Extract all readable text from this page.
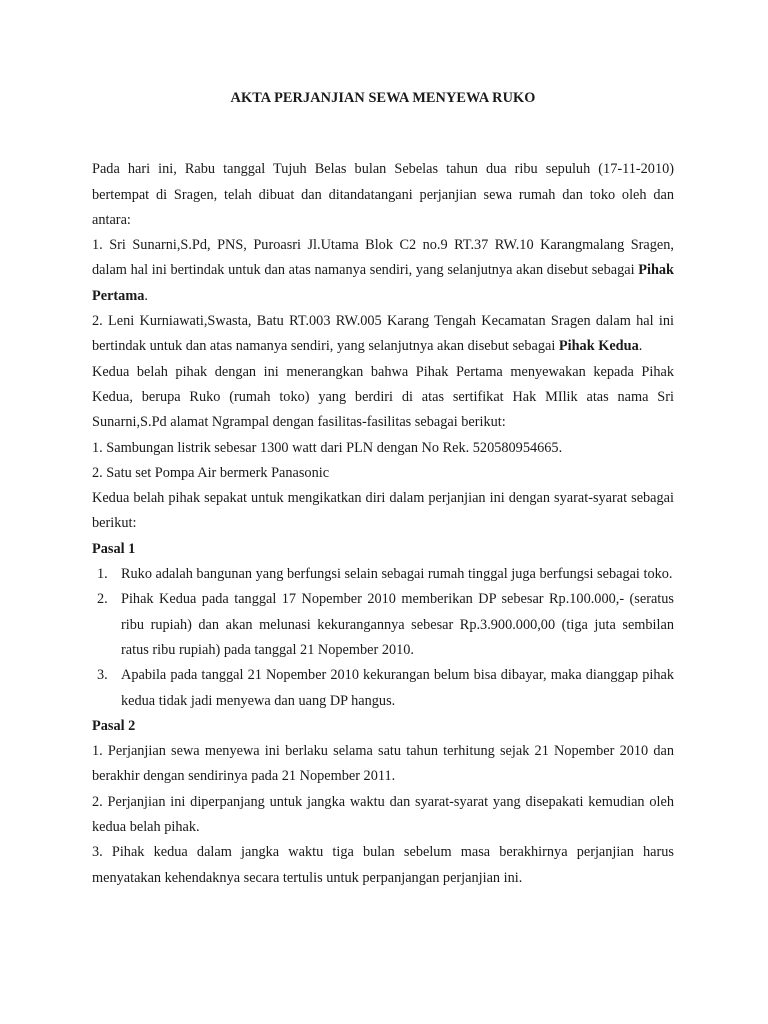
AKTA PERJANJIAN SEWA MENYEWA RUKO

Pada hari ini, Rabu tanggal Tujuh Belas bulan Sebelas tahun dua ribu sepuluh (17-11-2010) bertempat di Sragen, telah dibuat dan ditandatangani perjanjian sewa rumah dan toko oleh dan antara:

1. Sri Sunarni,S.Pd, PNS, Puroasri Jl.Utama Blok C2 no.9 RT.37 RW.10 Karangmalang Sragen, dalam hal ini bertindak untuk dan atas namanya sendiri, yang selanjutnya akan disebut sebagai Pihak Pertama.

2. Leni Kurniawati,Swasta, Batu RT.003 RW.005 Karang Tengah Kecamatan Sragen dalam hal ini bertindak untuk dan atas namanya sendiri, yang selanjutnya akan disebut sebagai Pihak Kedua.

Kedua belah pihak dengan ini menerangkan bahwa Pihak Pertama menyewakan kepada Pihak Kedua, berupa Ruko (rumah toko) yang berdiri di atas sertifikat Hak MIlik atas nama Sri Sunarni,S.Pd alamat Ngrampal dengan fasilitas-fasilitas sebagai berikut:

1. Sambungan listrik sebesar 1300 watt dari PLN dengan No Rek. 520580954665.

2. Satu set Pompa Air bermerk Panasonic

Kedua belah pihak sepakat untuk mengikatkan diri dalam perjanjian ini dengan syarat-syarat sebagai berikut:

Pasal 1

1. Ruko adalah bangunan yang berfungsi selain sebagai rumah tinggal juga berfungsi sebagai toko.
2. Pihak Kedua pada tanggal 17 Nopember 2010 memberikan DP sebesar Rp.100.000,- (seratus ribu rupiah) dan akan melunasi kekurangannya sebesar Rp.3.900.000,00 (tiga juta sembilan ratus ribu rupiah) pada tanggal 21 Nopember 2010.
3. Apabila pada tanggal 21 Nopember 2010 kekurangan belum bisa dibayar, maka dianggap pihak kedua tidak jadi menyewa dan uang DP hangus.

Pasal 2

1. Perjanjian sewa menyewa ini berlaku selama satu tahun terhitung sejak 21 Nopember 2010 dan berakhir dengan sendirinya pada 21 Nopember 2011.

2. Perjanjian ini diperpanjang untuk jangka waktu dan syarat-syarat yang disepakati kemudian oleh kedua belah pihak.

3. Pihak kedua dalam jangka waktu tiga bulan sebelum masa berakhirnya perjanjian harus menyatakan kehendaknya secara tertulis untuk perpanjangan perjanjian ini.
